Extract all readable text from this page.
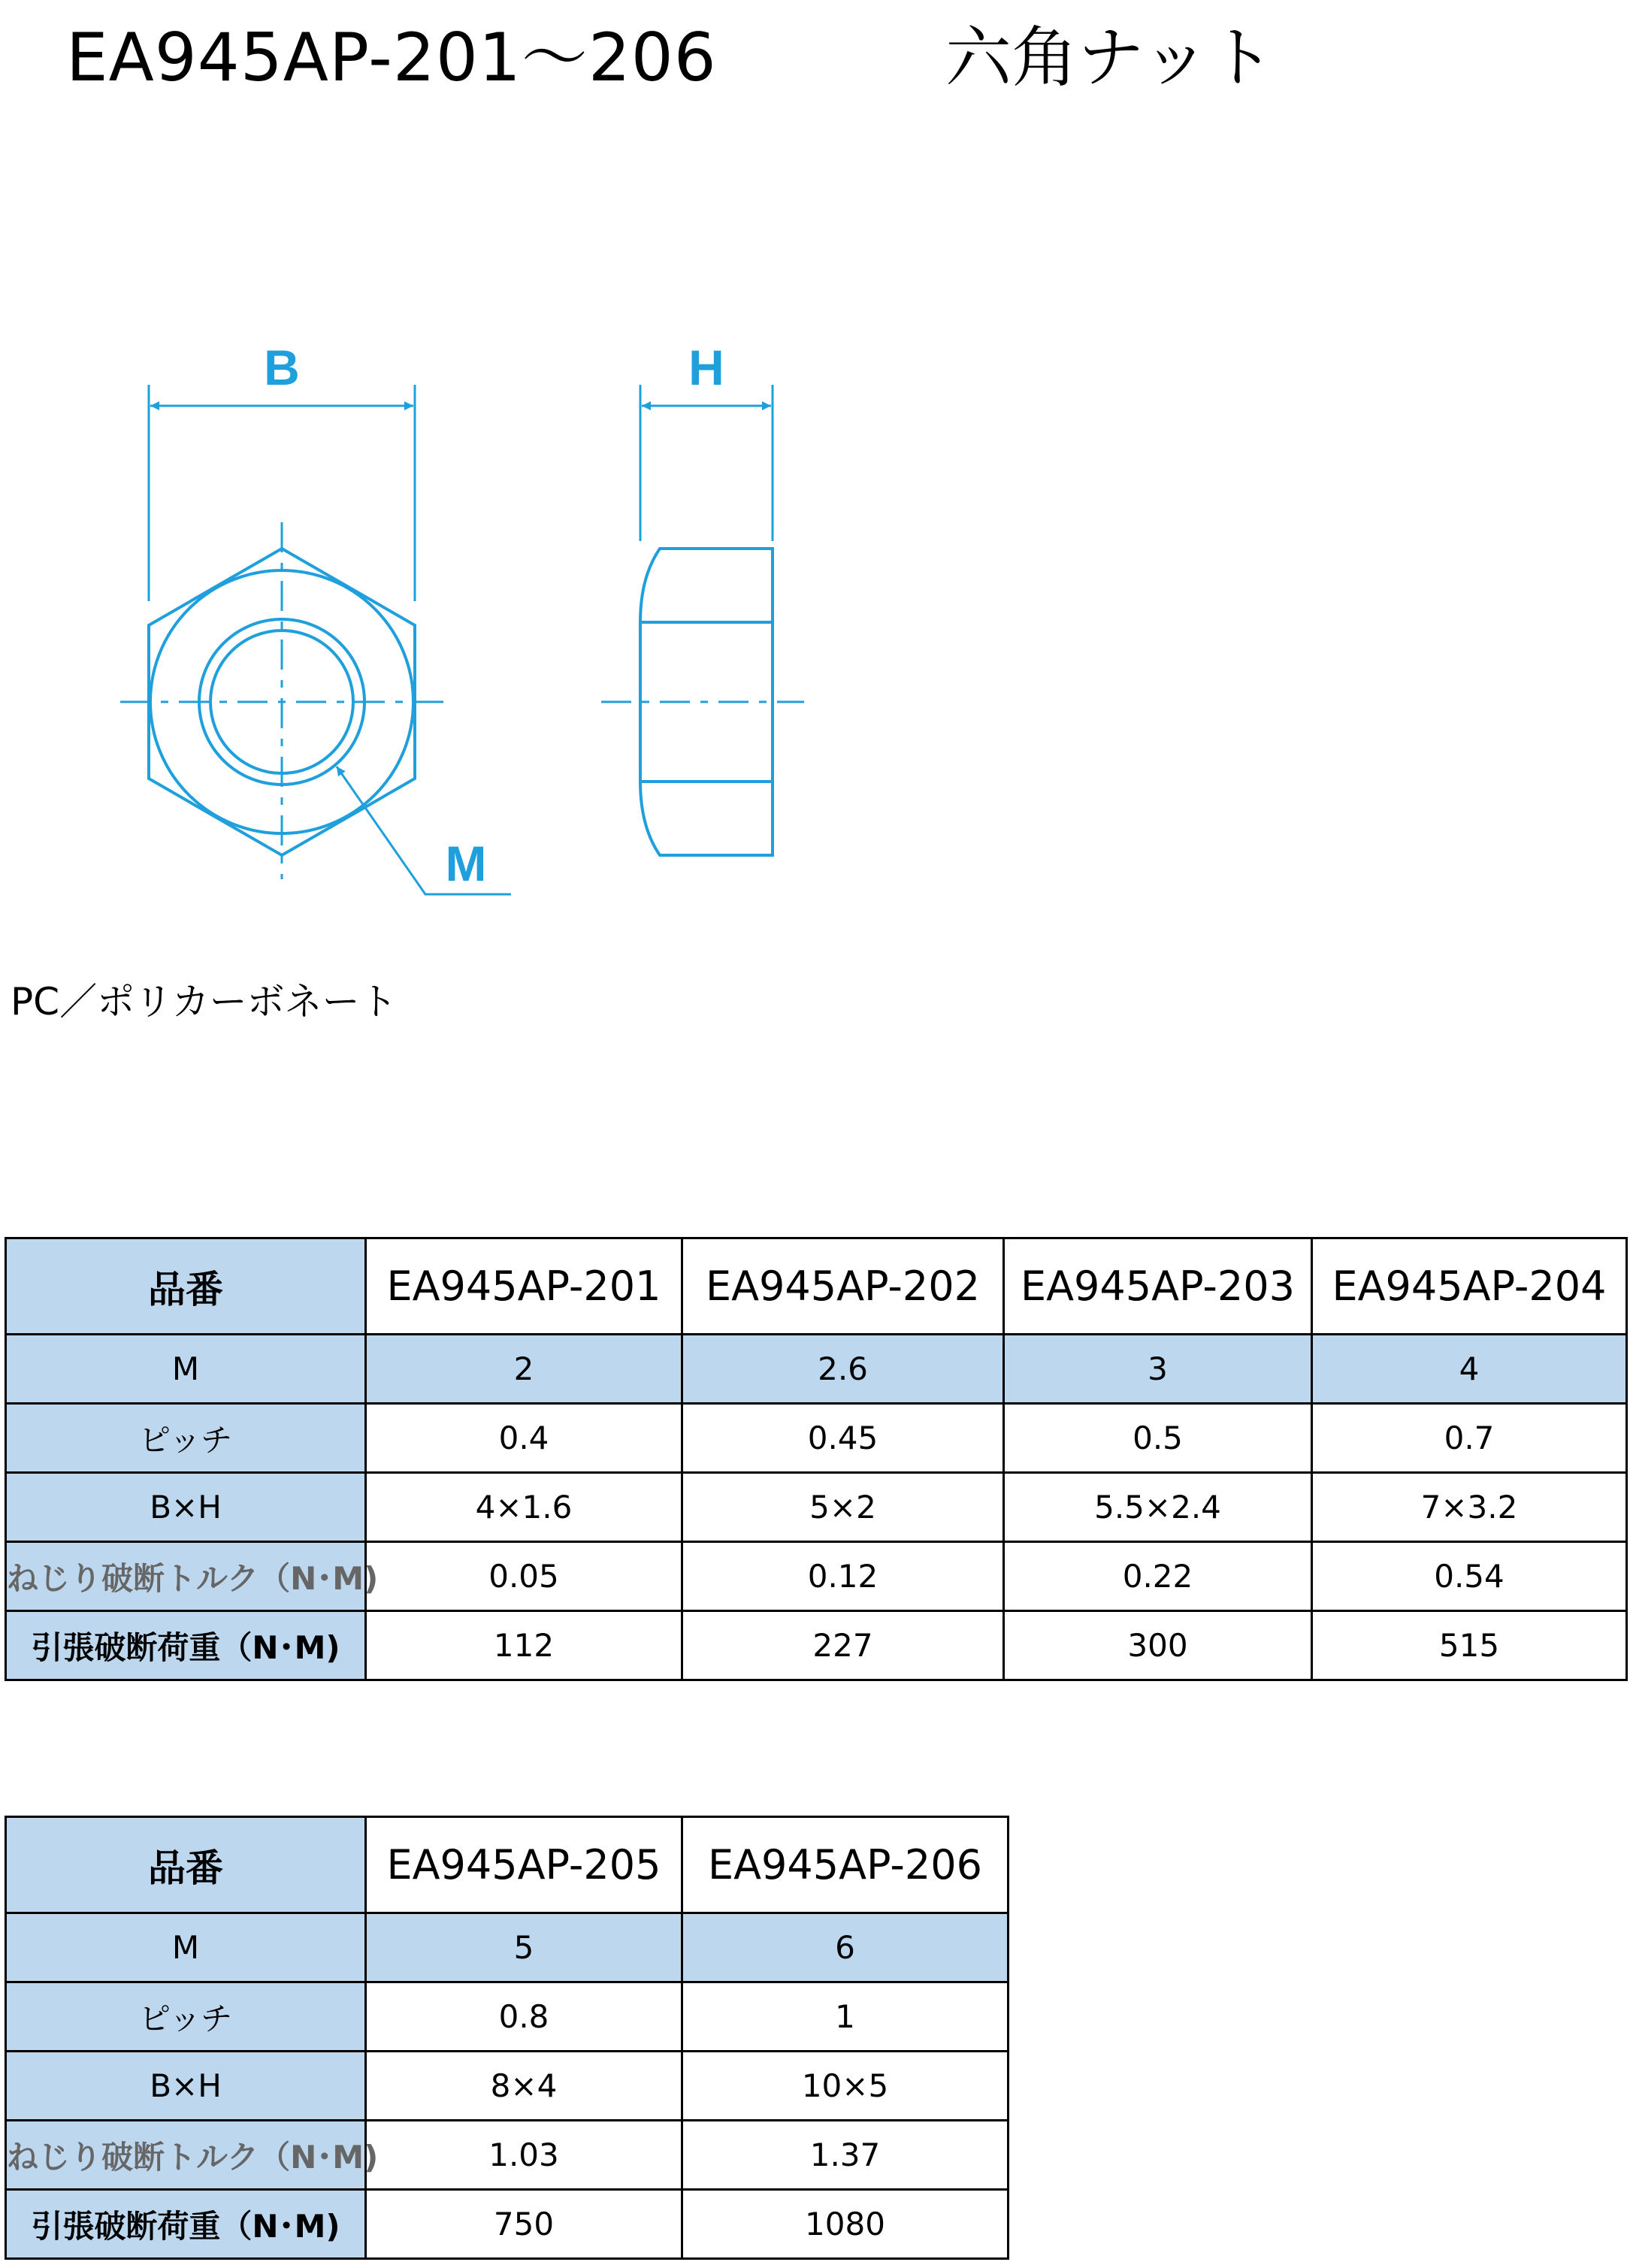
EA945AP-201～206	六角ナット
B	H
M
PC／ポリカーボネート
品番	EA945AP-201	EA945AP-202	EA945AP-203	EA945AP-204
M	2	2.6	3	4
ピッチ	0.4	0.45	0.5	0.7
B×H	4×1.6	5×2	5.5×2.4	7×3.2
ねじり破断トルク（N･M)	0.05	0.12	0.22	0.54
引張破断荷重（N･M)	112	227	300	515
品番	EA945AP-205	EA945AP-206
M	5	6
ピッチ	0.8	1
B×H	8×4	10×5
ねじり破断トルク（N･M)	1.03	1.37
引張破断荷重（N･M)	750	1080
